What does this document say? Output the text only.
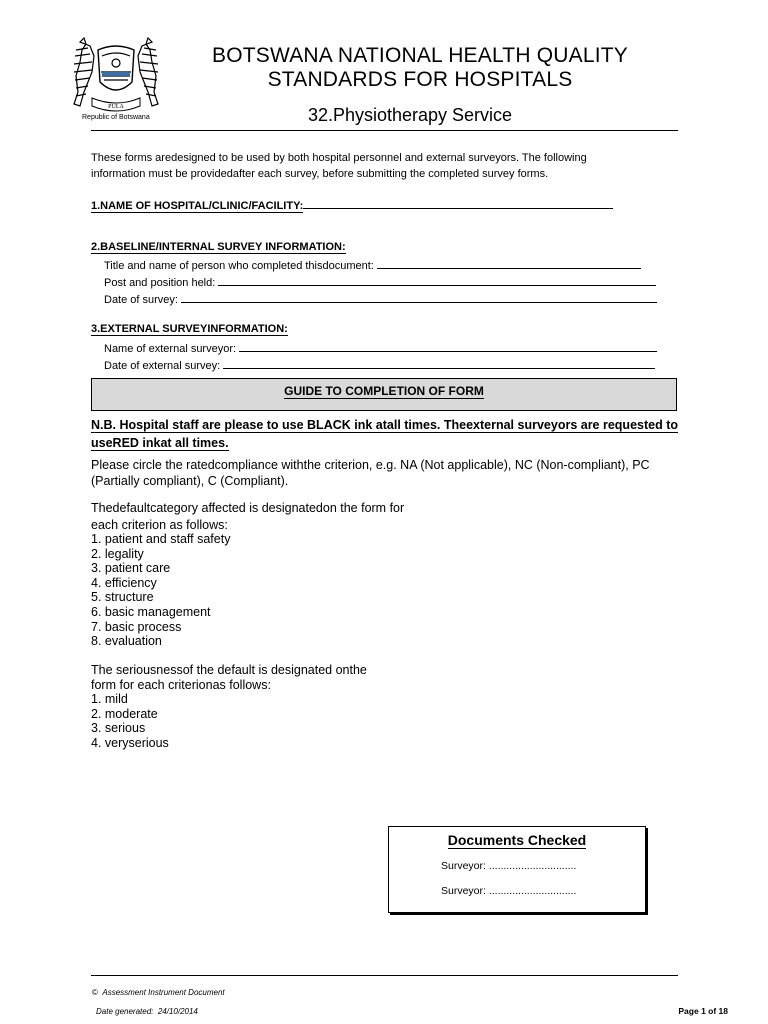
PULA
Republic of Botswana
BOTSWANA NATIONAL HEALTH QUALITY
STANDARDS FOR HOSPITALS
32.Physiotherapy Service
These forms aredesigned to be used by both hospital personnel and external surveyors. The following
information must be providedafter each survey, before submitting the completed survey forms.
1.NAME OF HOSPITAL/CLINIC/FACILITY:
2.BASELINE/INTERNAL SURVEY INFORMATION:
Title and name of person who completed thisdocument:
Post and position held:
Date of survey:
3.EXTERNAL SURVEYINFORMATION:
Name of external surveyor:
Date of external survey:
GUIDE TO COMPLETION OF FORM
N.B. Hospital staff are please to use BLACK ink atall times. Theexternal surveyors are requested to
useRED inkat all times.
Please circle the ratedcompliance withthe criterion, e.g. NA (Not applicable), NC (Non-compliant), PC
(Partially compliant), C (Compliant).
Thedefaultcategory affected is designatedon the form for
each criterion as follows:
1. patient and staff safety
2. legality
3. patient care
4. efficiency
5. structure
6. basic management
7. basic process
8. evaluation
The seriousnessof the default is designated onthe
form for each criterionas follows:
1. mild
2. moderate
3. serious
4. veryserious
Documents Checked
Surveyor: ..............................
Surveyor: ..............................
© Assessment Instrument Document
Date generated: 24/10/2014	Page 1 of 18
